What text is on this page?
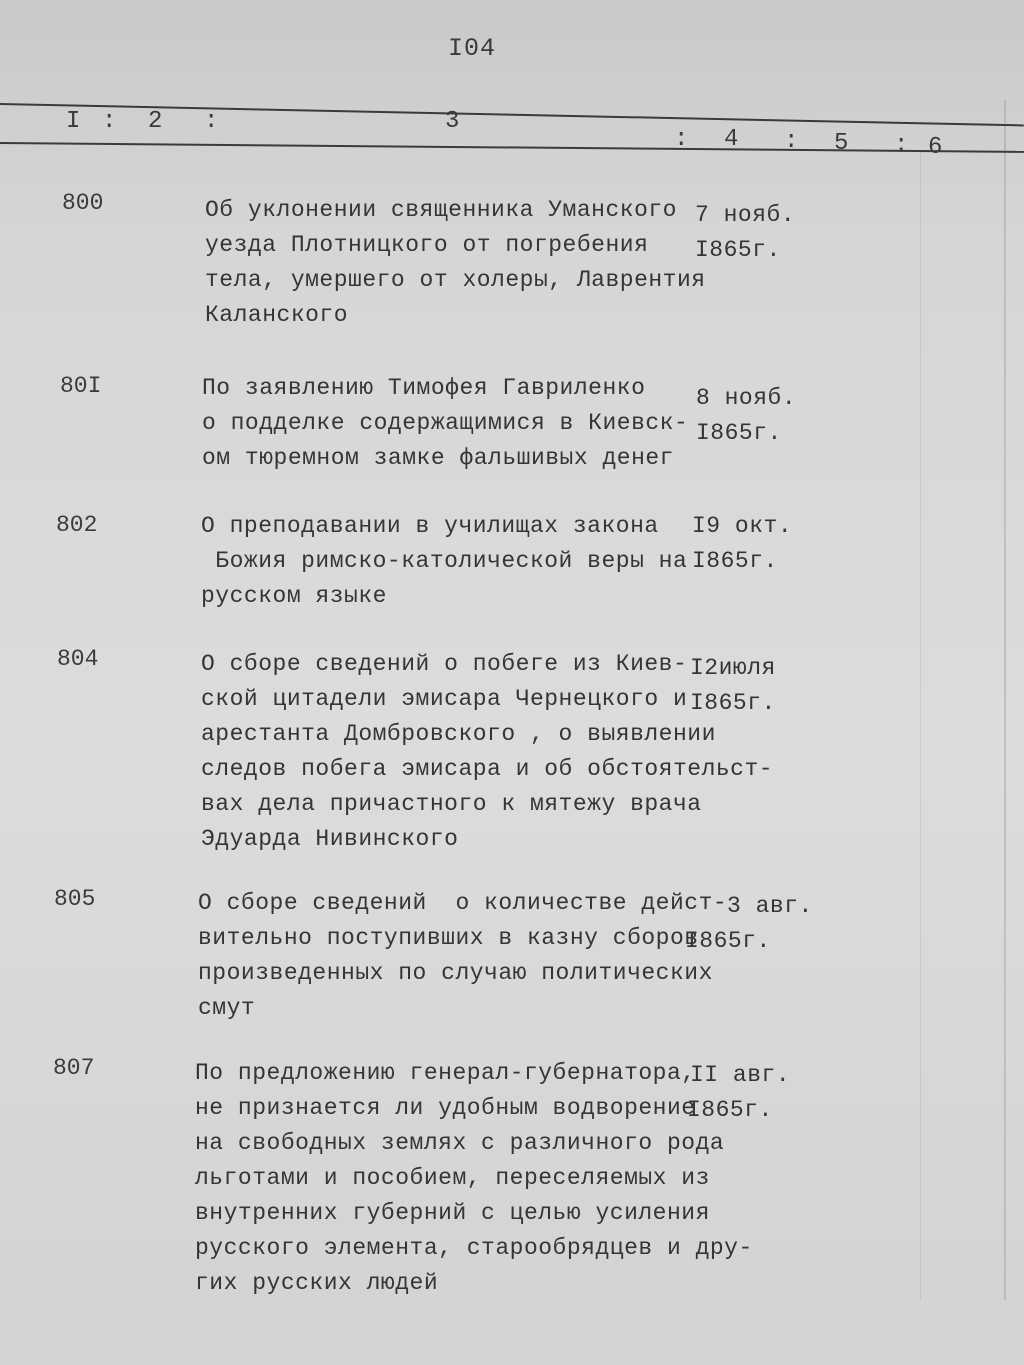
I04
I : 2 :	3
: 4 : 5 : 6
800	Об уклонении священника Уманского
уезда Плотницкого от погребения
тела, умершего от холеры, Лаврентия
Каланского
7 нояб.
I865г.
80I	По заявлению Тимофея Гавриленко
о подделке содержащимися в Киевск-
ом тюремном замке фальшивых денег
8 нояб.
I865г.
802	О преподавании в училищах закона
Божия римско-католической веры на
русском языке
I9 окт.
I865г.
804	О сборе сведений о побеге из Киев-
ской цитадели эмисара Чернецкого и
арестанта Домбровского , о выявлении
следов побега эмисара и об обстоятельст-
вах дела причастного к мятежу врача
Эдуарда Нивинского
I2июля
I865г.
805	О сборе сведений  о количестве дейст-
вительно поступивших в казну сборов
произведенных по случаю политических
смут
3 авг.
I865г.
807	По предложению генерал-губернатора,
не признается ли удобным водворение
на свободных землях с различного рода
льготами и пособием, переселяемых из
внутренних губерний с целью усиления
русского элемента, старообрядцев и дру-
гих русских людей
II авг.
I865г.
